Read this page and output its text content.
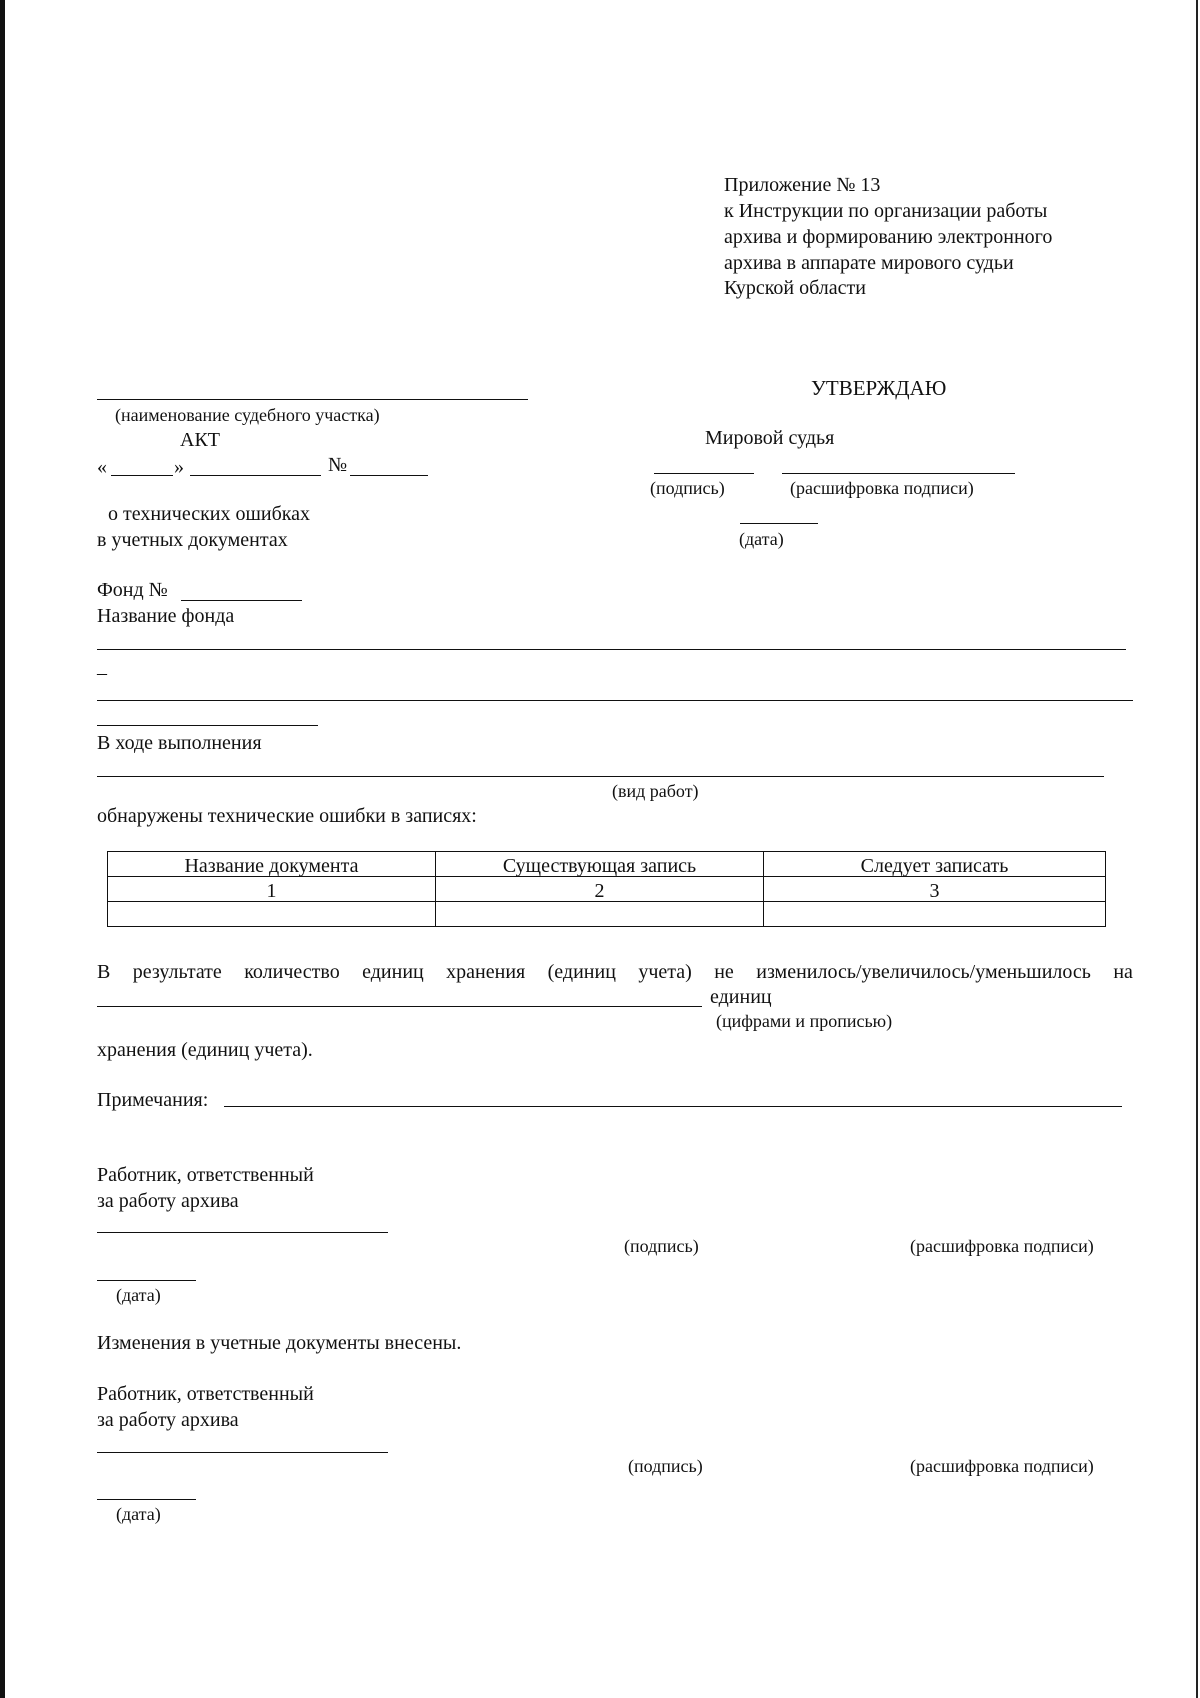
Приложение № 13
к Инструкции по организации работы
архива и формированию электронного
архива в аппарате мирового судьи
Курской области
(наименование судебного участка)
АКТ
«	»	№
о технических ошибках
в учетных документах
УТВЕРЖДАЮ
Мировой судья
(подпись)	(расшифровка подписи)
(дата)
Фонд №
Название фонда
–
В ходе выполнения
(вид работ)
обнаружены технические ошибки в записях:
Название документа	Существующая запись	Следует записать
1	2	3

В результате количество единиц хранения (единиц учета) не изменилось/увеличилось/уменьшилось на
единиц
(цифрами и прописью)
хранения (единиц учета).
Примечания:
Работник, ответственный
за работу архива
(подпись)	(расшифровка подписи)
(дата)
Изменения в учетные документы внесены.
Работник, ответственный
за работу архива
(подпись)	(расшифровка подписи)
(дата)
